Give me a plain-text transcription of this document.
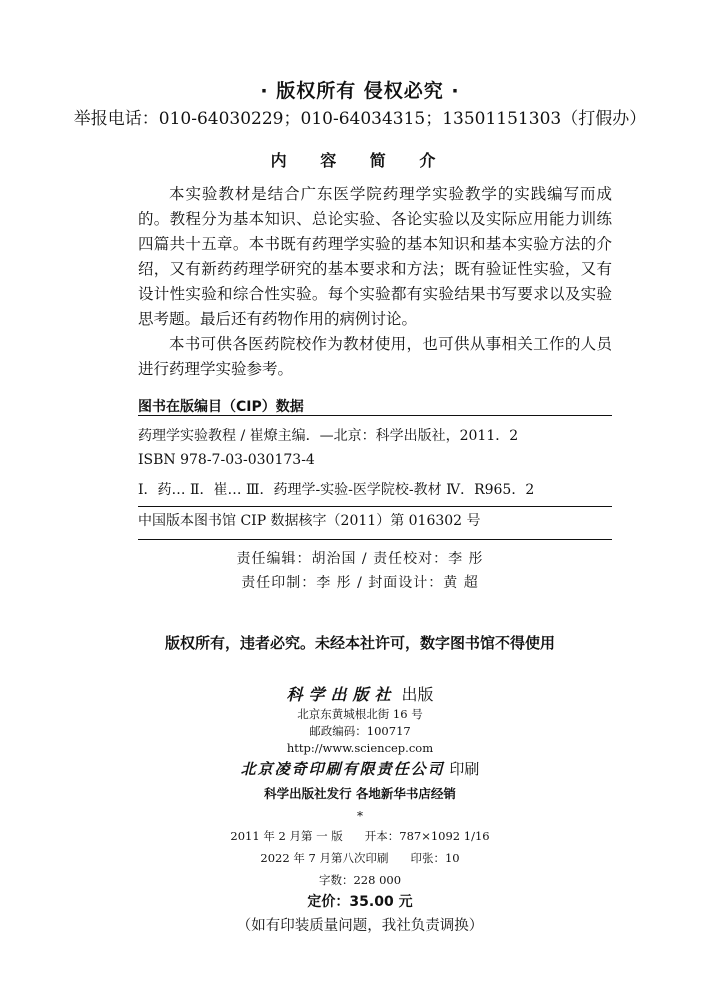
· 版权所有 侵权必究 ·
举报电话：010-64030229；010-64034315；13501151303（打假办）
内 容 简 介

本实验教材是结合广东医学院药理学实验教学的实践编写而成的。教程分为基本知识、总论实验、各论实验以及实际应用能力训练四篇共十五章。本书既有药理学实验的基本知识和基本实验方法的介绍，又有新药药理学研究的基本要求和方法；既有验证性实验，又有设计性实验和综合性实验。每个实验都有实验结果书写要求以及实验思考题。最后还有药物作用的病例讨论。

本书可供各医药院校作为教材使用，也可供从事相关工作的人员进行药理学实验参考。

图书在版编目（CIP）数据
药理学实验教程 / 崔燎主编．—北京：科学出版社，2011．2
ISBN 978-7-03-030173-4
Ⅰ．药… Ⅱ．崔… Ⅲ．药理学-实验-医学院校-教材 Ⅳ．R965．2
中国版本图书馆 CIP 数据核字（2011）第 016302 号
责任编辑：胡治国 / 责任校对：李 彤
责任印制：李 彤 / 封面设计：黄 超
版权所有，违者必究。未经本社许可，数字图书馆不得使用
科学出版社 出版
北京东黄城根北街 16 号
邮政编码：100717
http://www.sciencep.com
北京凌奇印刷有限责任公司 印刷
科学出版社发行 各地新华书店经销
*
2011 年 2 月第 一 版 开本：787×1092 1/16
2022 年 7 月第八次印刷 印张：10
字数：228 000
定价：35.00 元
（如有印装质量问题，我社负责调换）
